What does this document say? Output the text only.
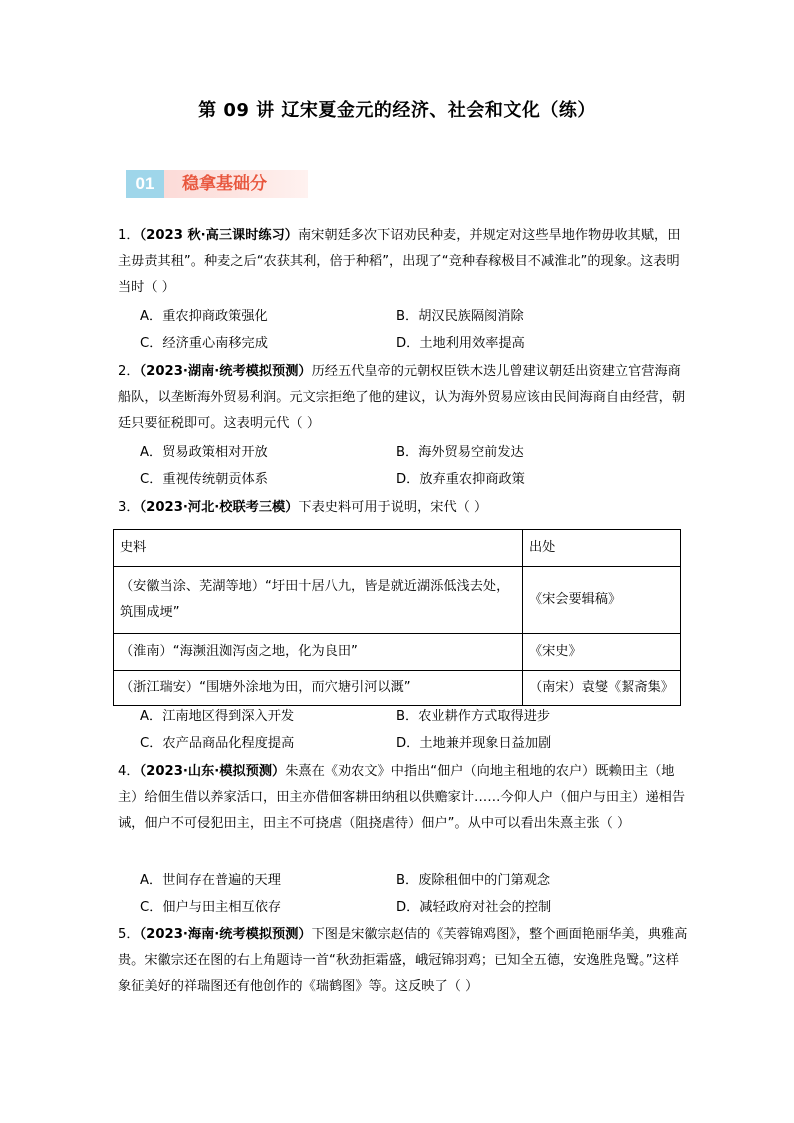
第 09 讲 辽宋夏金元的经济、社会和文化（练）
01	稳拿基础分
1．（2023 秋·高三课时练习）南宋朝廷多次下诏劝民种麦，并规定对这些旱地作物毋收其赋，田主毋责其租”。种麦之后“农获其利，倍于种稻”，出现了“竞种春稼极目不减淮北”的现象。这表明当时（ ）
A．重农抑商政策强化	B．胡汉民族隔阂消除
C．经济重心南移完成	D．土地利用效率提高
2．（2023·湖南·统考模拟预测）历经五代皇帝的元朝权臣铁木迭儿曾建议朝廷出资建立官营海商船队，以垄断海外贸易利润。元文宗拒绝了他的建议，认为海外贸易应该由民间海商自由经营，朝廷只要征税即可。这表明元代（ ）
A．贸易政策相对开放	B．海外贸易空前发达
C．重视传统朝贡体系	D．放弃重农抑商政策
3．（2023·河北·校联考三模）下表史料可用于说明，宋代（ ）
史料	出处
（安徽当涂、芜湖等地）“圩田十居八九，皆是就近湖泺低浅去处，筑围成埂”	《宋会要辑稿》
（淮南）“海濒沮洳泻卤之地，化为良田”	《宋史》
（浙江瑞安）“围塘外涂地为田，而穴塘引河以溉”	（南宋）袁燮《絜斋集》
A．江南地区得到深入开发	B．农业耕作方式取得进步
C．农产品商品化程度提高	D．土地兼并现象日益加剧
4．（2023·山东·模拟预测）朱熹在《劝农文》中指出“佃户（向地主租地的农户）既赖田主（地主）给佃生借以养家活口，田主亦借佃客耕田纳租以供赡家计……今仰人户（佃户与田主）递相告诫，佃户不可侵犯田主，田主不可挠虐（阻挠虐待）佃户”。从中可以看出朱熹主张（ ）
A．世间存在普遍的天理	B．废除租佃中的门第观念
C．佃户与田主相互依存	D．减轻政府对社会的控制
5．（2023·海南·统考模拟预测）下图是宋徽宗赵佶的《芙蓉锦鸡图》，整个画面艳丽华美，典雅高贵。宋徽宗还在图的右上角题诗一首“秋劲拒霜盛，峨冠锦羽鸡；已知全五德，安逸胜凫鹥。”这样象征美好的祥瑞图还有他创作的《瑞鹤图》等。这反映了（ ）
